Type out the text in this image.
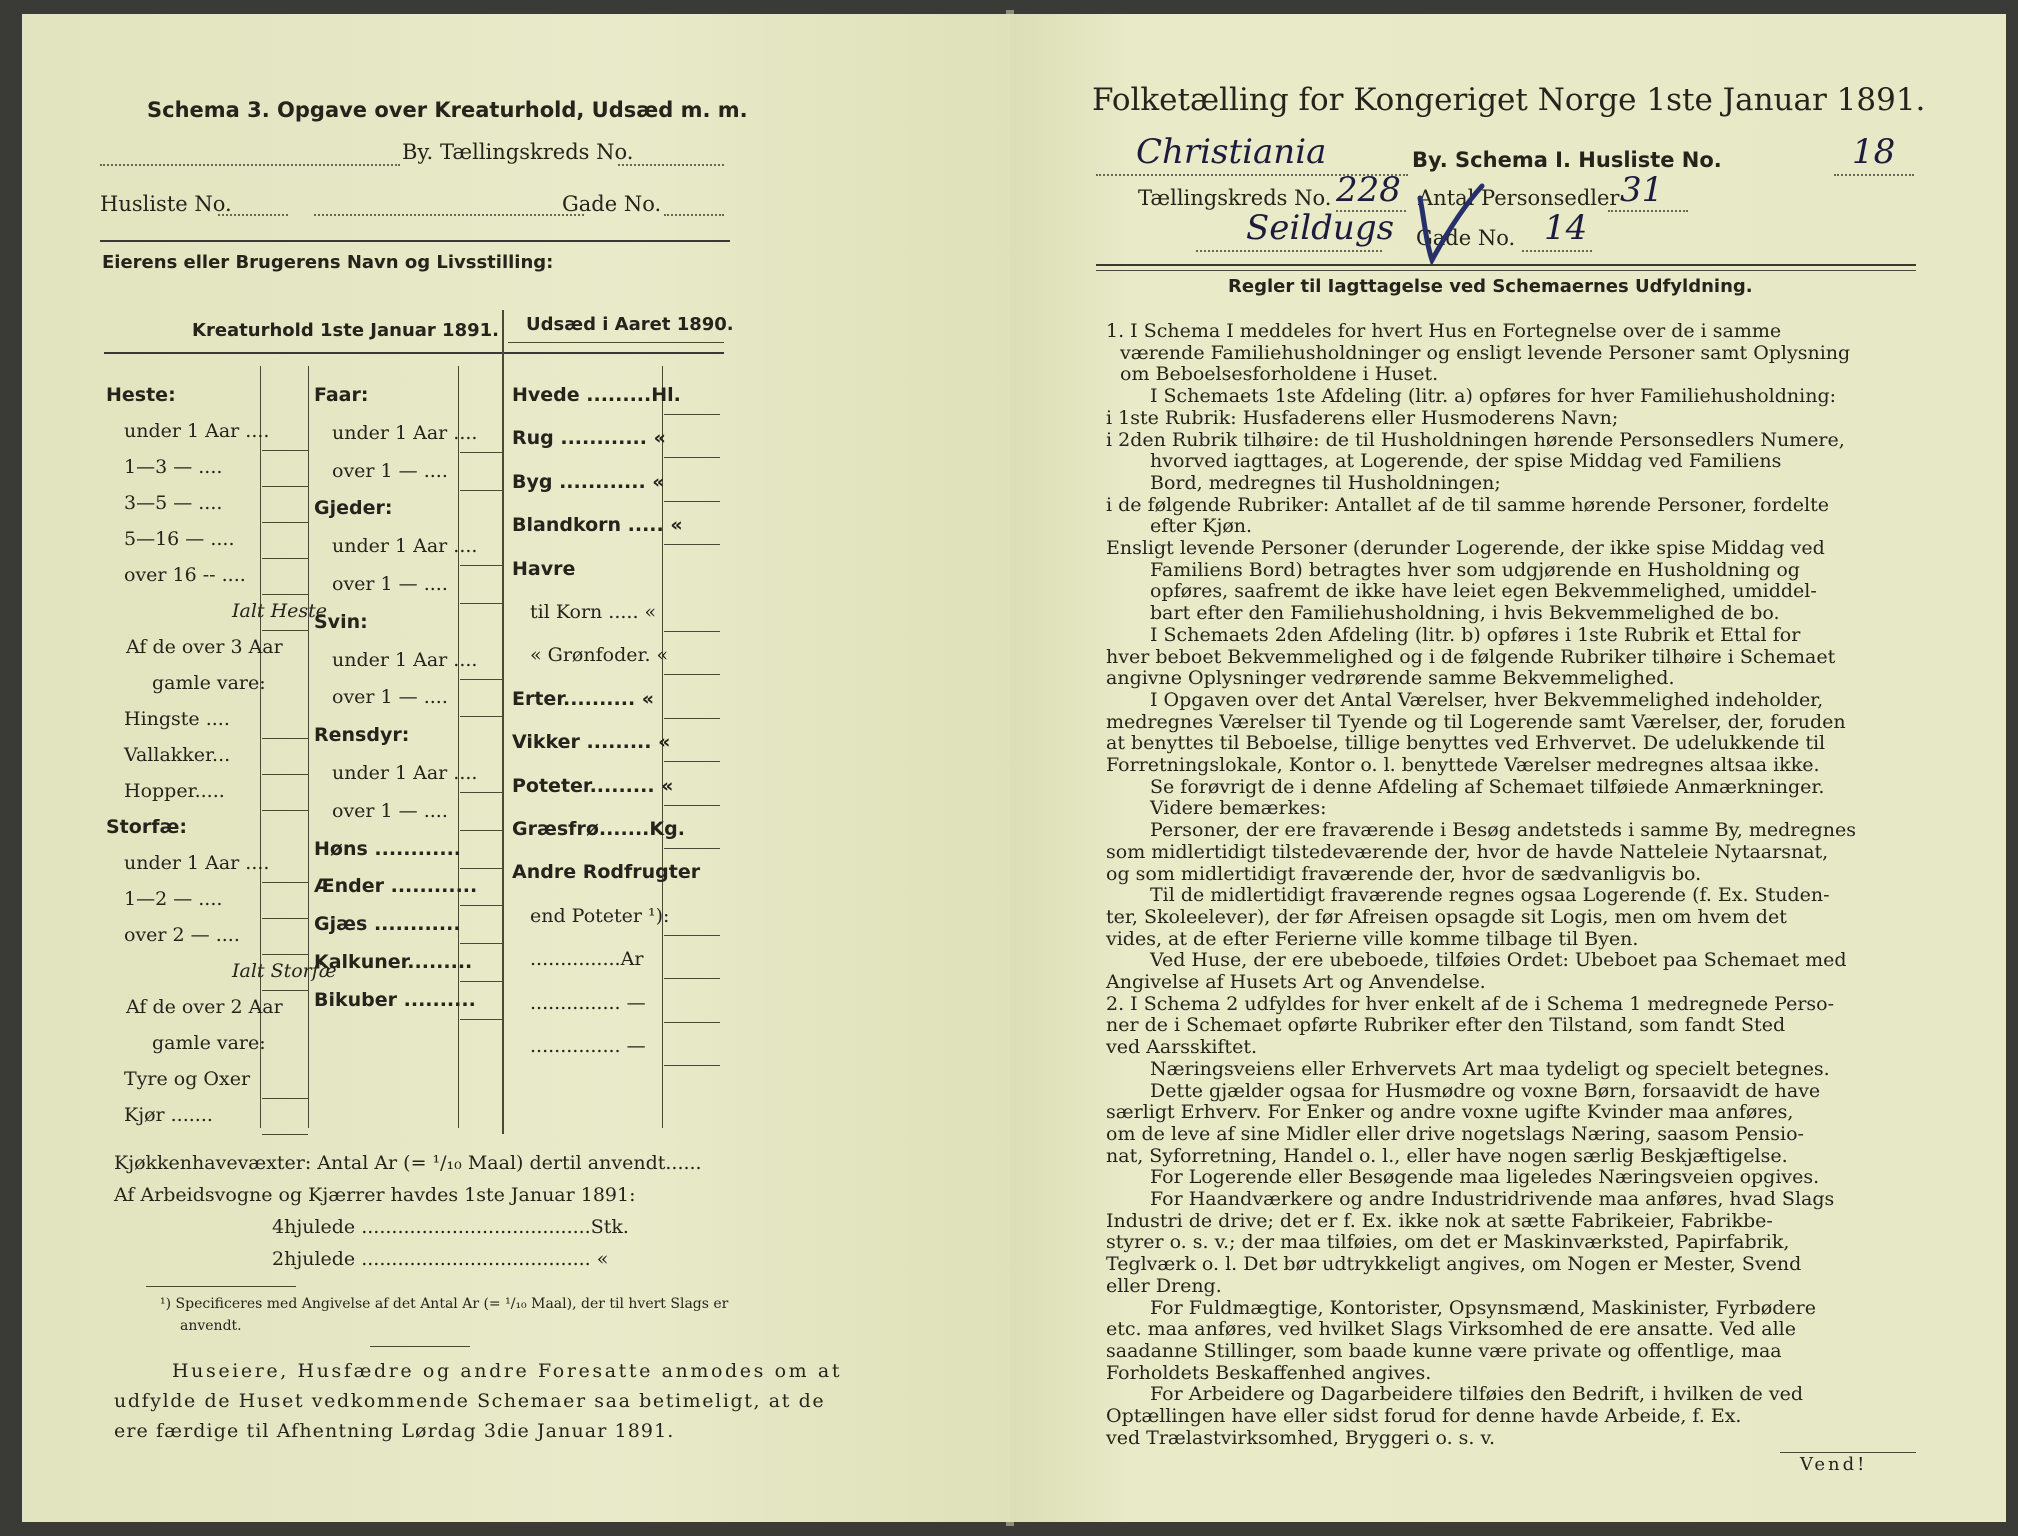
Schema 3. Opgave over Kreaturhold, Udsæd m. m.
By. Tællingskreds No.
Husliste No.	Gade No.
Eierens eller Brugerens Navn og Livsstilling:
Kreaturhold 1ste Januar 1891. Udsæd i Aaret 1890.
Heste:
under 1 Aar ....
1—3 — ....
3—5 — ....
5—16 — ....
over 16 -- ....
Ialt Heste
Af de over 3 Aar
gamle vare:
Hingste ....
Vallakker...
Hopper.....
Storfæ:
under 1 Aar ....
1—2 — ....
over 2 — ....
Ialt Storfæ
Af de over 2 Aar
gamle vare:
Tyre og Oxer
Kjør .......
Faar:
under 1 Aar ....
over 1 — ....
Gjeder:
under 1 Aar ....
over 1 — ....
Svin:
under 1 Aar ....
over 1 — ....
Rensdyr:
under 1 Aar ....
over 1 — ....
Høns ............
Ænder ............
Gjæs ............
Kalkuner.........
Bikuber ..........
Hvede .........Hl.
Rug ............ «
Byg ............ «
Blandkorn ..... «
Havre
til Korn ..... «
« Grønfoder. «
Erter.......... «
Vikker ......... «
Poteter......... «
Græsfrø.......Kg.
Andre Rodfrugter
end Poteter ¹):
...............Ar
............... —
............... —
Kjøkkenhavevæxter: Antal Ar (= ¹/₁₀ Maal) dertil anvendt......
Af Arbeidsvogne og Kjærrer havdes 1ste Januar 1891:
4hjulede ......................................Stk.
2hjulede ...................................... «
¹) Specificeres med Angivelse af det Antal Ar (= ¹/₁₀ Maal), der til hvert Slags er
anvendt.
Huseiere, Husfædre og andre Foresatte anmodes om at
udfylde de Huset vedkommende Schemaer saa betimeligt, at de
ere færdige til Afhentning Lørdag 3die Januar 1891.
Folketælling for Kongeriget Norge 1ste Januar 1891.
Christiania	By. Schema I. Husliste No.	18
Tællingskreds No. 228 Antal Personsedler 31
Seildugs Gade No. 14
Regler til Iagttagelse ved Schemaernes Udfyldning.
1. I Schema I meddeles for hvert Hus en Fortegnelse over de i samme
værende Familiehusholdninger og ensligt levende Personer samt Oplysning
om Beboelsesforholdene i Huset.
I Schemaets 1ste Afdeling (litr. a) opføres for hver Familiehusholdning:
i 1ste Rubrik: Husfaderens eller Husmoderens Navn;
i 2den Rubrik tilhøire: de til Husholdningen hørende Personsedlers Numere,
hvorved iagttages, at Logerende, der spise Middag ved Familiens
Bord, medregnes til Husholdningen;
i de følgende Rubriker: Antallet af de til samme hørende Personer, fordelte
efter Kjøn.
Ensligt levende Personer (derunder Logerende, der ikke spise Middag ved
Familiens Bord) betragtes hver som udgjørende en Husholdning og
opføres, saafremt de ikke have leiet egen Bekvemmelighed, umiddel-
bart efter den Familiehusholdning, i hvis Bekvemmelighed de bo.
I Schemaets 2den Afdeling (litr. b) opføres i 1ste Rubrik et Ettal for
hver beboet Bekvemmelighed og i de følgende Rubriker tilhøire i Schemaet
angivne Oplysninger vedrørende samme Bekvemmelighed.
I Opgaven over det Antal Værelser, hver Bekvemmelighed indeholder,
medregnes Værelser til Tyende og til Logerende samt Værelser, der, foruden
at benyttes til Beboelse, tillige benyttes ved Erhvervet. De udelukkende til
Forretningslokale, Kontor o. l. benyttede Værelser medregnes altsaa ikke.
Se forøvrigt de i denne Afdeling af Schemaet tilføiede Anmærkninger.
Videre bemærkes:
Personer, der ere fraværende i Besøg andetsteds i samme By, medregnes
som midlertidigt tilstedeværende der, hvor de havde Natteleie Nytaarsnat,
og som midlertidigt fraværende der, hvor de sædvanligvis bo.
Til de midlertidigt fraværende regnes ogsaa Logerende (f. Ex. Studen-
ter, Skoleelever), der før Afreisen opsagde sit Logis, men om hvem det
vides, at de efter Ferierne ville komme tilbage til Byen.
Ved Huse, der ere ubeboede, tilføies Ordet: Ubeboet paa Schemaet med
Angivelse af Husets Art og Anvendelse.
2. I Schema 2 udfyldes for hver enkelt af de i Schema 1 medregnede Perso-
ner de i Schemaet opførte Rubriker efter den Tilstand, som fandt Sted
ved Aarsskiftet.
Næringsveiens eller Erhvervets Art maa tydeligt og specielt betegnes.
Dette gjælder ogsaa for Husmødre og voxne Børn, forsaavidt de have
særligt Erhverv. For Enker og andre voxne ugifte Kvinder maa anføres,
om de leve af sine Midler eller drive nogetslags Næring, saasom Pensio-
nat, Syforretning, Handel o. l., eller have nogen særlig Beskjæftigelse.
For Logerende eller Besøgende maa ligeledes Næringsveien opgives.
For Haandværkere og andre Industridrivende maa anføres, hvad Slags
Industri de drive; det er f. Ex. ikke nok at sætte Fabrikeier, Fabrikbe-
styrer o. s. v.; der maa tilføies, om det er Maskinværksted, Papirfabrik,
Teglværk o. l. Det bør udtrykkeligt angives, om Nogen er Mester, Svend
eller Dreng.
For Fuldmægtige, Kontorister, Opsynsmænd, Maskinister, Fyrbødere
etc. maa anføres, ved hvilket Slags Virksomhed de ere ansatte. Ved alle
saadanne Stillinger, som baade kunne være private og offentlige, maa
Forholdets Beskaffenhed angives.
For Arbeidere og Dagarbeidere tilføies den Bedrift, i hvilken de ved
Optællingen have eller sidst forud for denne havde Arbeide, f. Ex.
ved Trælastvirksomhed, Bryggeri o. s. v.
Vend!
